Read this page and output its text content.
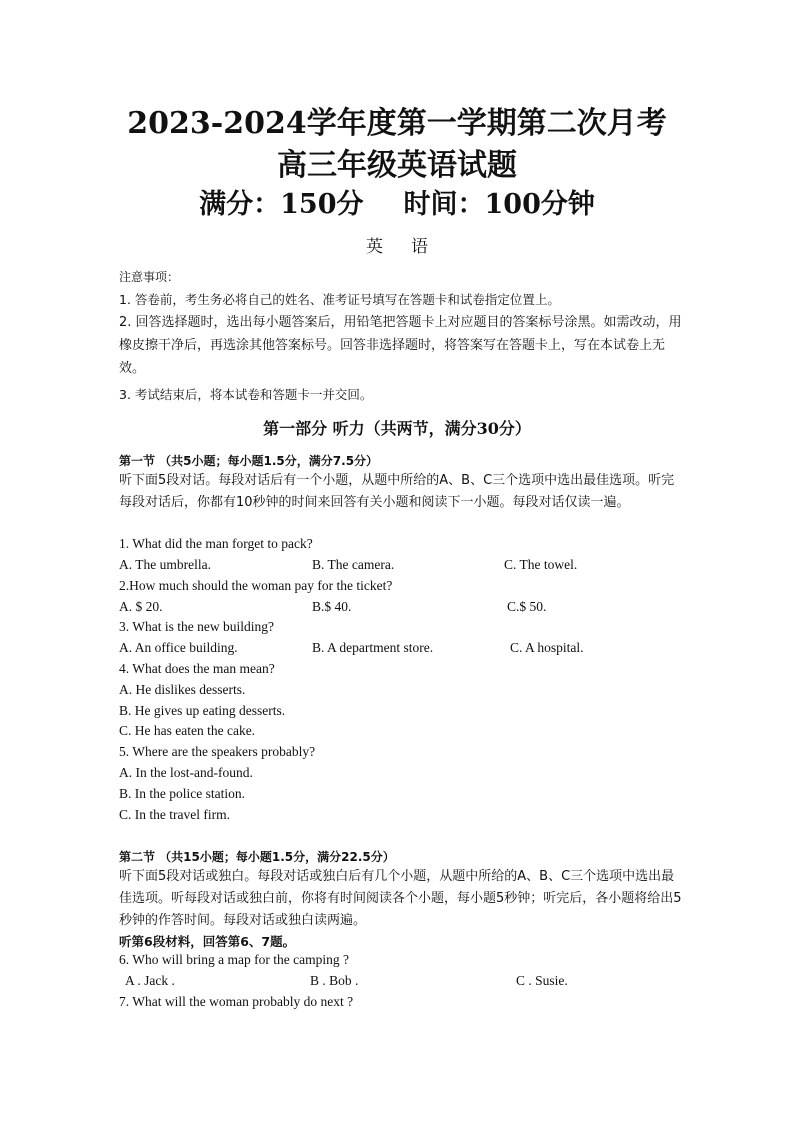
2023-2024学年度第一学期第二次月考
高三年级英语试题
满分：150分 时间：100分钟
英 语
注意事项：
1. 答卷前，考生务必将自己的姓名、准考证号填写在答题卡和试卷指定位置上。
2. 回答选择题时，选出每小题答案后，用铅笔把答题卡上对应题目的答案标号涂黑。如需改动，用橡皮擦干净后，再选涂其他答案标号。回答非选择题时，将答案写在答题卡上，写在本试卷上无效。
3. 考试结束后，将本试卷和答题卡一并交回。
第一部分 听力（共两节，满分30分）
第一节 （共5小题；每小题1.5分，满分7.5分）
听下面5段对话。每段对话后有一个小题，从题中所给的A、B、C三个选项中选出最佳选项。听完每段对话后，你都有10秒钟的时间来回答有关小题和阅读下一小题。每段对话仅读一遍。
1. What did the man forget to pack?
A. The umbrella.	B. The camera.	C. The towel.
2.How much should the woman pay for the ticket?
A. $ 20.	B.$ 40.	C.$ 50.
3. What is the new building?
A. An office building.	B. A department store.	C. A hospital.
4. What does the man mean?
A. He dislikes desserts.
B. He gives up eating desserts.
C. He has eaten the cake.
5. Where are the speakers probably?
A. In the lost-and-found.
B. In the police station.
C. In the travel firm.
第二节 （共15小题；每小题1.5分，满分22.5分）
听下面5段对话或独白。每段对话或独白后有几个小题，从题中所给的A、B、C三个选项中选出最佳选项。听每段对话或独白前，你将有时间阅读各个小题，每小题5秒钟；听完后，各小题将给出5秒钟的作答时间。每段对话或独白读两遍。
听第6段材料，回答第6、7题。
6. Who will bring a map for the camping ?
A . Jack .	B . Bob .	C . Susie.
7. What will the woman probably do next ?
